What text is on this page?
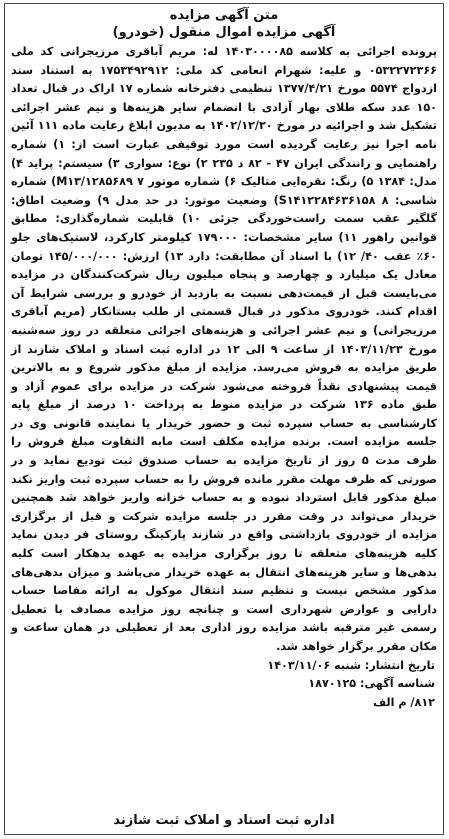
متن آگهی مزایده
آگهی مزایده اموال منقول (خودرو)

پرونده اجرائی به کلاسه ۱۴۰۳۰۰۰۰۸۵ له: مریم آباقری مرزیجرانی کد ملی ۰۵۳۲۲۷۲۳۶۶ و علیه: شهرام انعامی کد ملی: ۱۷۵۳۴۹۲۹۱۲ به استناد سند ازدواج ۵۵۷۴ مورخ ۱۳۷۷/۴/۲۱ تنظیمی دفترخانه شماره ۱۷ اراک در قبال تعداد ۱۵۰ عدد سکه طلای بهار آزادی با انضمام سایر هزینه‌ها و نیم عشر اجرائی تشکیل شد و اجرائیه در مورخ ۱۴۰۲/۱۲/۲۰ به مدیون ابلاغ رعایت ماده ۱۱۱ آئین نامه اجرا نیز رعایت گردیده است مورد توقیفی عبارت است از: ۱) شماره راهنمایی و رانندگی ایران ۴۷ - ۸۲ د ۲۳۵ ۲) نوع: سواری ۳) سیستم: پراید ۴) مدل: ۱۳۸۴ ۵) رنگ: نقره‌ایی متالیک ۶) شماره موتور M۱۳/۱۲۸۵۶۸۹ ۷) شماره شاسی: S۱۴۱۲۲۸۴۶۳۶۱۵۸ ۸) وضعیت موتور: در حد مدل ۹) وضعیت اطاق: گلگیر عقب سمت راست‌خوردگی جزئی ۱۰) قابلیت شماره‌گذاری: مطابق قوانین راهور ۱۱) سایر مشخصات: ۱۷۹۰۰۰ کیلومتر کارکرد، لاستیک‌های جلو ۶۰٪ عقب ۴۰/ ۱۲) با اسناد آن مطابقت: دارد ۱۳) ارزش: ۱۴۵/۰۰۰/۰۰۰ تومان معادل یک میلیارد و چهارصد و پنجاه میلیون ریال شرکت‌کنندگان در مزایده می‌بایست قبل از قیمت‌دهی نسبت به بازدید از خودرو و بررسی شرایط آن اقدام کنند. خودروی مذکور در قبال قسمتی از طلب بستانکار (مریم آباقری مرزیجرانی) و نیم عشر اجرائی و هزینه‌های اجرائی متعلقه در روز سه‌شنبه مورخ ۱۴۰۳/۱۱/۲۳ از ساعت ۹ الی ۱۲ در اداره ثبت اسناد و املاک شازند از طریق مزایده به فروش می‌رسد. مزایده از مبلغ مذکور شروع و به بالاترین قیمت پیشنهادی نقداً فروخته می‌شود شرکت در مزایده برای عموم آزاد و طبق ماده ۱۳۶ شرکت در مزایده منوط به پرداخت ۱۰ درصد از مبلغ پایه کارشناسی به حساب سپرده ثبت و حضور خریدار یا نماینده قانونی وی در جلسه مزایده است. برنده مزایده مکلف است مابه التفاوت مبلغ فروش را ظرف مدت ۵ روز از تاریخ مزایده به حساب صندوق ثبت تودیع نماید و در صورتی که ظرف مهلت مقرر مانده فروش را به حساب سپرده ثبت واریز نکند مبلغ مذکور قابل استرداد نبوده و به حساب خزانه واریز خواهد شد همچنین خریدار می‌تواند در وقت مقرر در جلسه مزایده شرکت و قبل از برگزاری مزایده از خودروی بازداشتی واقع در شازند پارکینگ روستای فر دیدن نماید کلیه هزینه‌های متعلقه تا روز برگزاری مزایده به عهده بدهکار است کلیه بدهی‌ها و سایر هزینه‌های انتقال به عهده خریدار می‌باشد و میزان بدهی‌های مذکور مشخص نیست و تنظیم سند انتقال موکول به ارائه مفاصا حساب دارایی و عوارض شهرداری است و چنانچه روز مزایده مصادف با تعطیل رسمی غیر مترقبه باشد مزایده روز اداری بعد از تعطیلی در همان ساعت و مکان مقرر برگزار خواهد شد.

تاریخ انتشار: شنبه ۱۴۰۳/۱۱/۰۶
شناسه آگهی: ۱۸۷۰۱۲۵
۸۱۲/ م الف
اداره ثبت اسناد و املاک ثبت شازند
